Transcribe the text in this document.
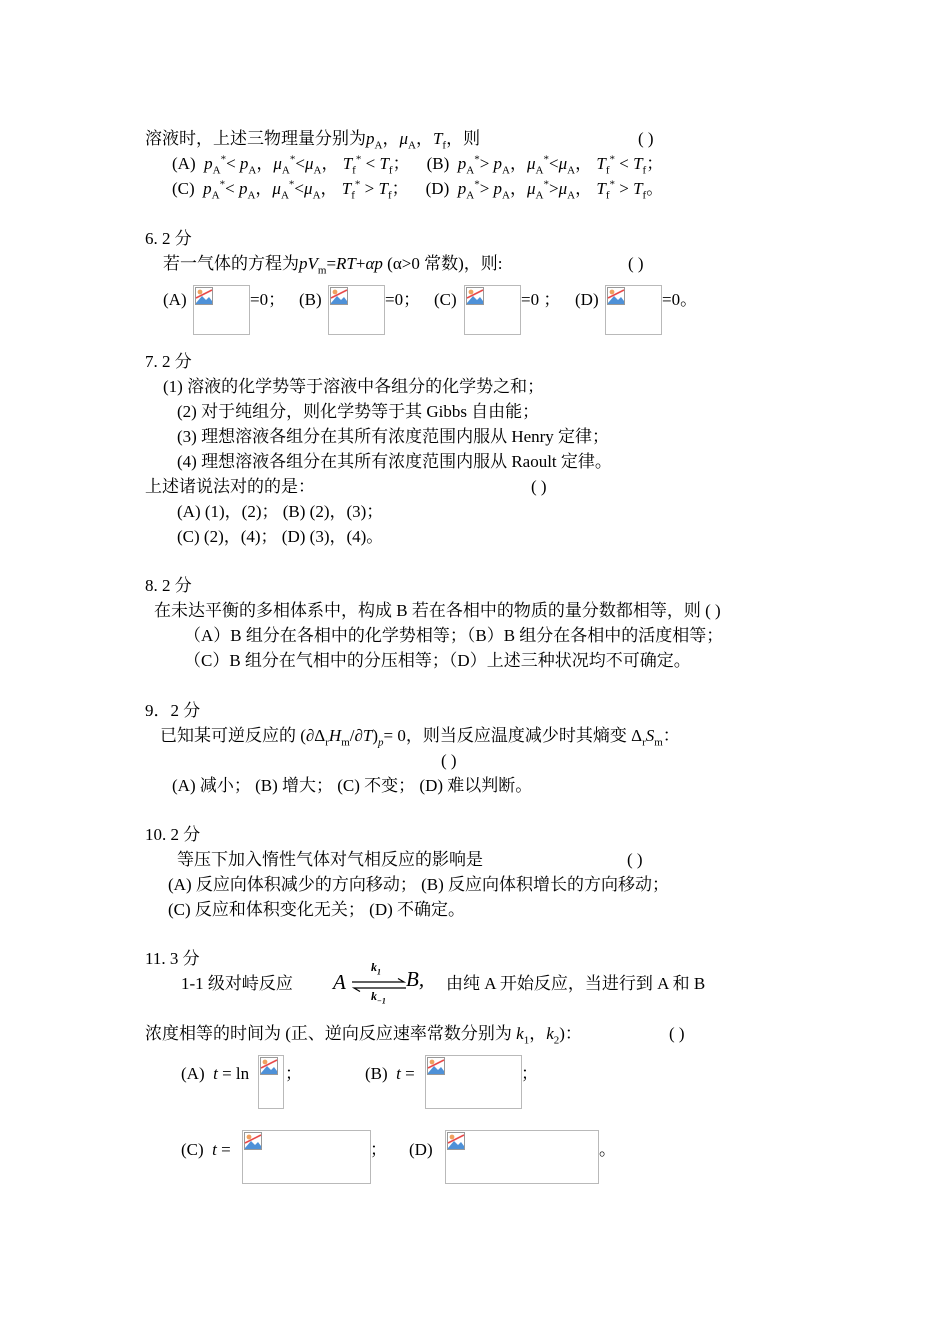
溶液时，上述三物理量分别为$p_A$，$\mu_A$，$T_f$，则	( )
(A) $p_A^*< p_A$，$\mu_A^*<\mu_A$， $T_f^* < T_f$；    (B) $p_A^*> p_A$，$\mu_A^*<\mu_A$， $T_f^* < T_f$；
(C) $p_A^*< p_A$，$\mu_A^*<\mu_A$， $T_f^* > T_f$；    (D) $p_A^*> p_A$，$\mu_A^*>\mu_A$， $T_f^* > T_f$。
6. 2 分
若一气体的方程为$pV_m=RT+\alpha p$ (α>0 常数)，则:	( )
(A)	=0； (B)	=0； (C)	=0 ； (D)	=0。
7. 2 分
(1) 溶液的化学势等于溶液中各组分的化学势之和；
(2) 对于纯组分，则化学势等于其 Gibbs 自由能；
(3) 理想溶液各组分在其所有浓度范围内服从 Henry 定律；
(4) 理想溶液各组分在其所有浓度范围内服从 Raoult 定律。
上述诸说法对的的是：	( )
(A) (1)，(2)； (B) (2)，(3)；
(C) (2)，(4)； (D) (3)，(4)。
8. 2 分
在未达平衡的多相体系中，构成 B 若在各相中的物质的量分数都相等，则 ( )
（A）B 组分在各相中的化学势相等；（B）B 组分在各相中的活度相等；
（C）B 组分在气相中的分压相等；（D）上述三种状况均不可确定。
9．2 分
已知某可逆反应的 $(\partial\Delta_rH_m/\partial T)_p= 0$，则当反应温度减少时其熵变 $\Delta_rS_m$：
( )
(A) 减小； (B) 增大； (C) 不变； (D) 难以判断。
10. 2 分
等压下加入惰性气体对气相反应的影响是	( )
(A) 反应向体积减少的方向移动； (B) 反应向体积增长的方向移动；
(C) 反应和体积变化无关； (D) 不确定。
11. 3 分
1-1 级对峙反应 A
$k_1$
$k_{-1}$
B, 由纯 A 开始反应，当进行到 A 和 B
浓度相等的时间为 (正、逆向反应速率常数分别为 $k_1$，$k_2$)：	( )
(A) t = ln ；	(B) t =	；
(C) t =	； (D)	。
